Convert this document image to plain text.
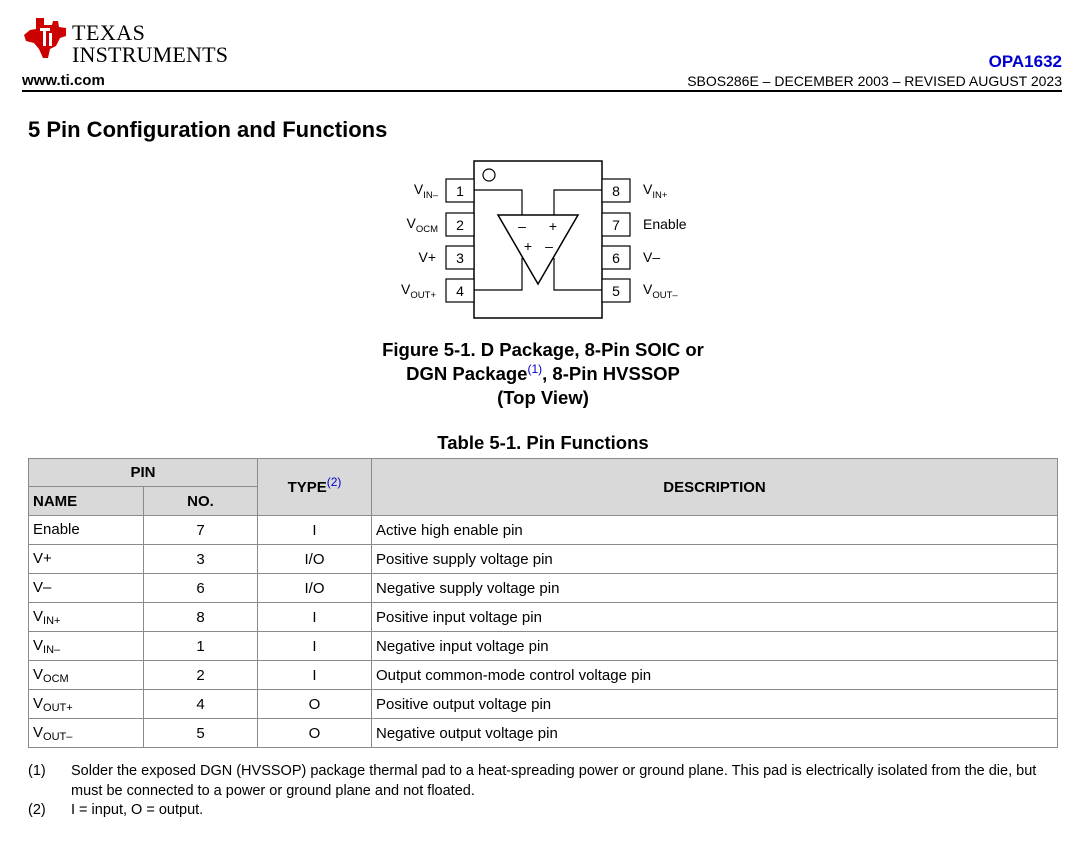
TEXAS
INSTRUMENTS
www.ti.com
OPA1632
SBOS286E – DECEMBER 2003 – REVISED AUGUST 2023
5 Pin Configuration and Functions
1
2
3
4
8
7
6
5
$V_{IN-}$
$V_{OCM}$
V+
$V_{OUT+}$
$V_{IN+}$
Enable
V–
$V_{OUT-}$
– +
+ –
Figure 5-1. D Package, 8-Pin SOIC or
DGN Package$^{(1)}$, 8-Pin HVSSOP
(Top View)
Table 5-1. Pin Functions
PIN		TYPE$^{(2)}$	DESCRIPTION
NAME	NO.		
Enable	7	I	Active high enable pin
V+	3	I/O	Positive supply voltage pin
V–	6	I/O	Negative supply voltage pin
$V_{IN+}$	8	I	Positive input voltage pin
$V_{IN-}$	1	I	Negative input voltage pin
$V_{OCM}$	2	I	Output common-mode control voltage pin
$V_{OUT+}$	4	O	Positive output voltage pin
$V_{OUT-}$	5	O	Negative output voltage pin
(1)	Solder the exposed DGN (HVSSOP) package thermal pad to a heat-spreading power or ground plane. This pad is electrically isolated from the die, but must be connected to a power or ground plane and not floated.
(2)	I = input, O = output.
